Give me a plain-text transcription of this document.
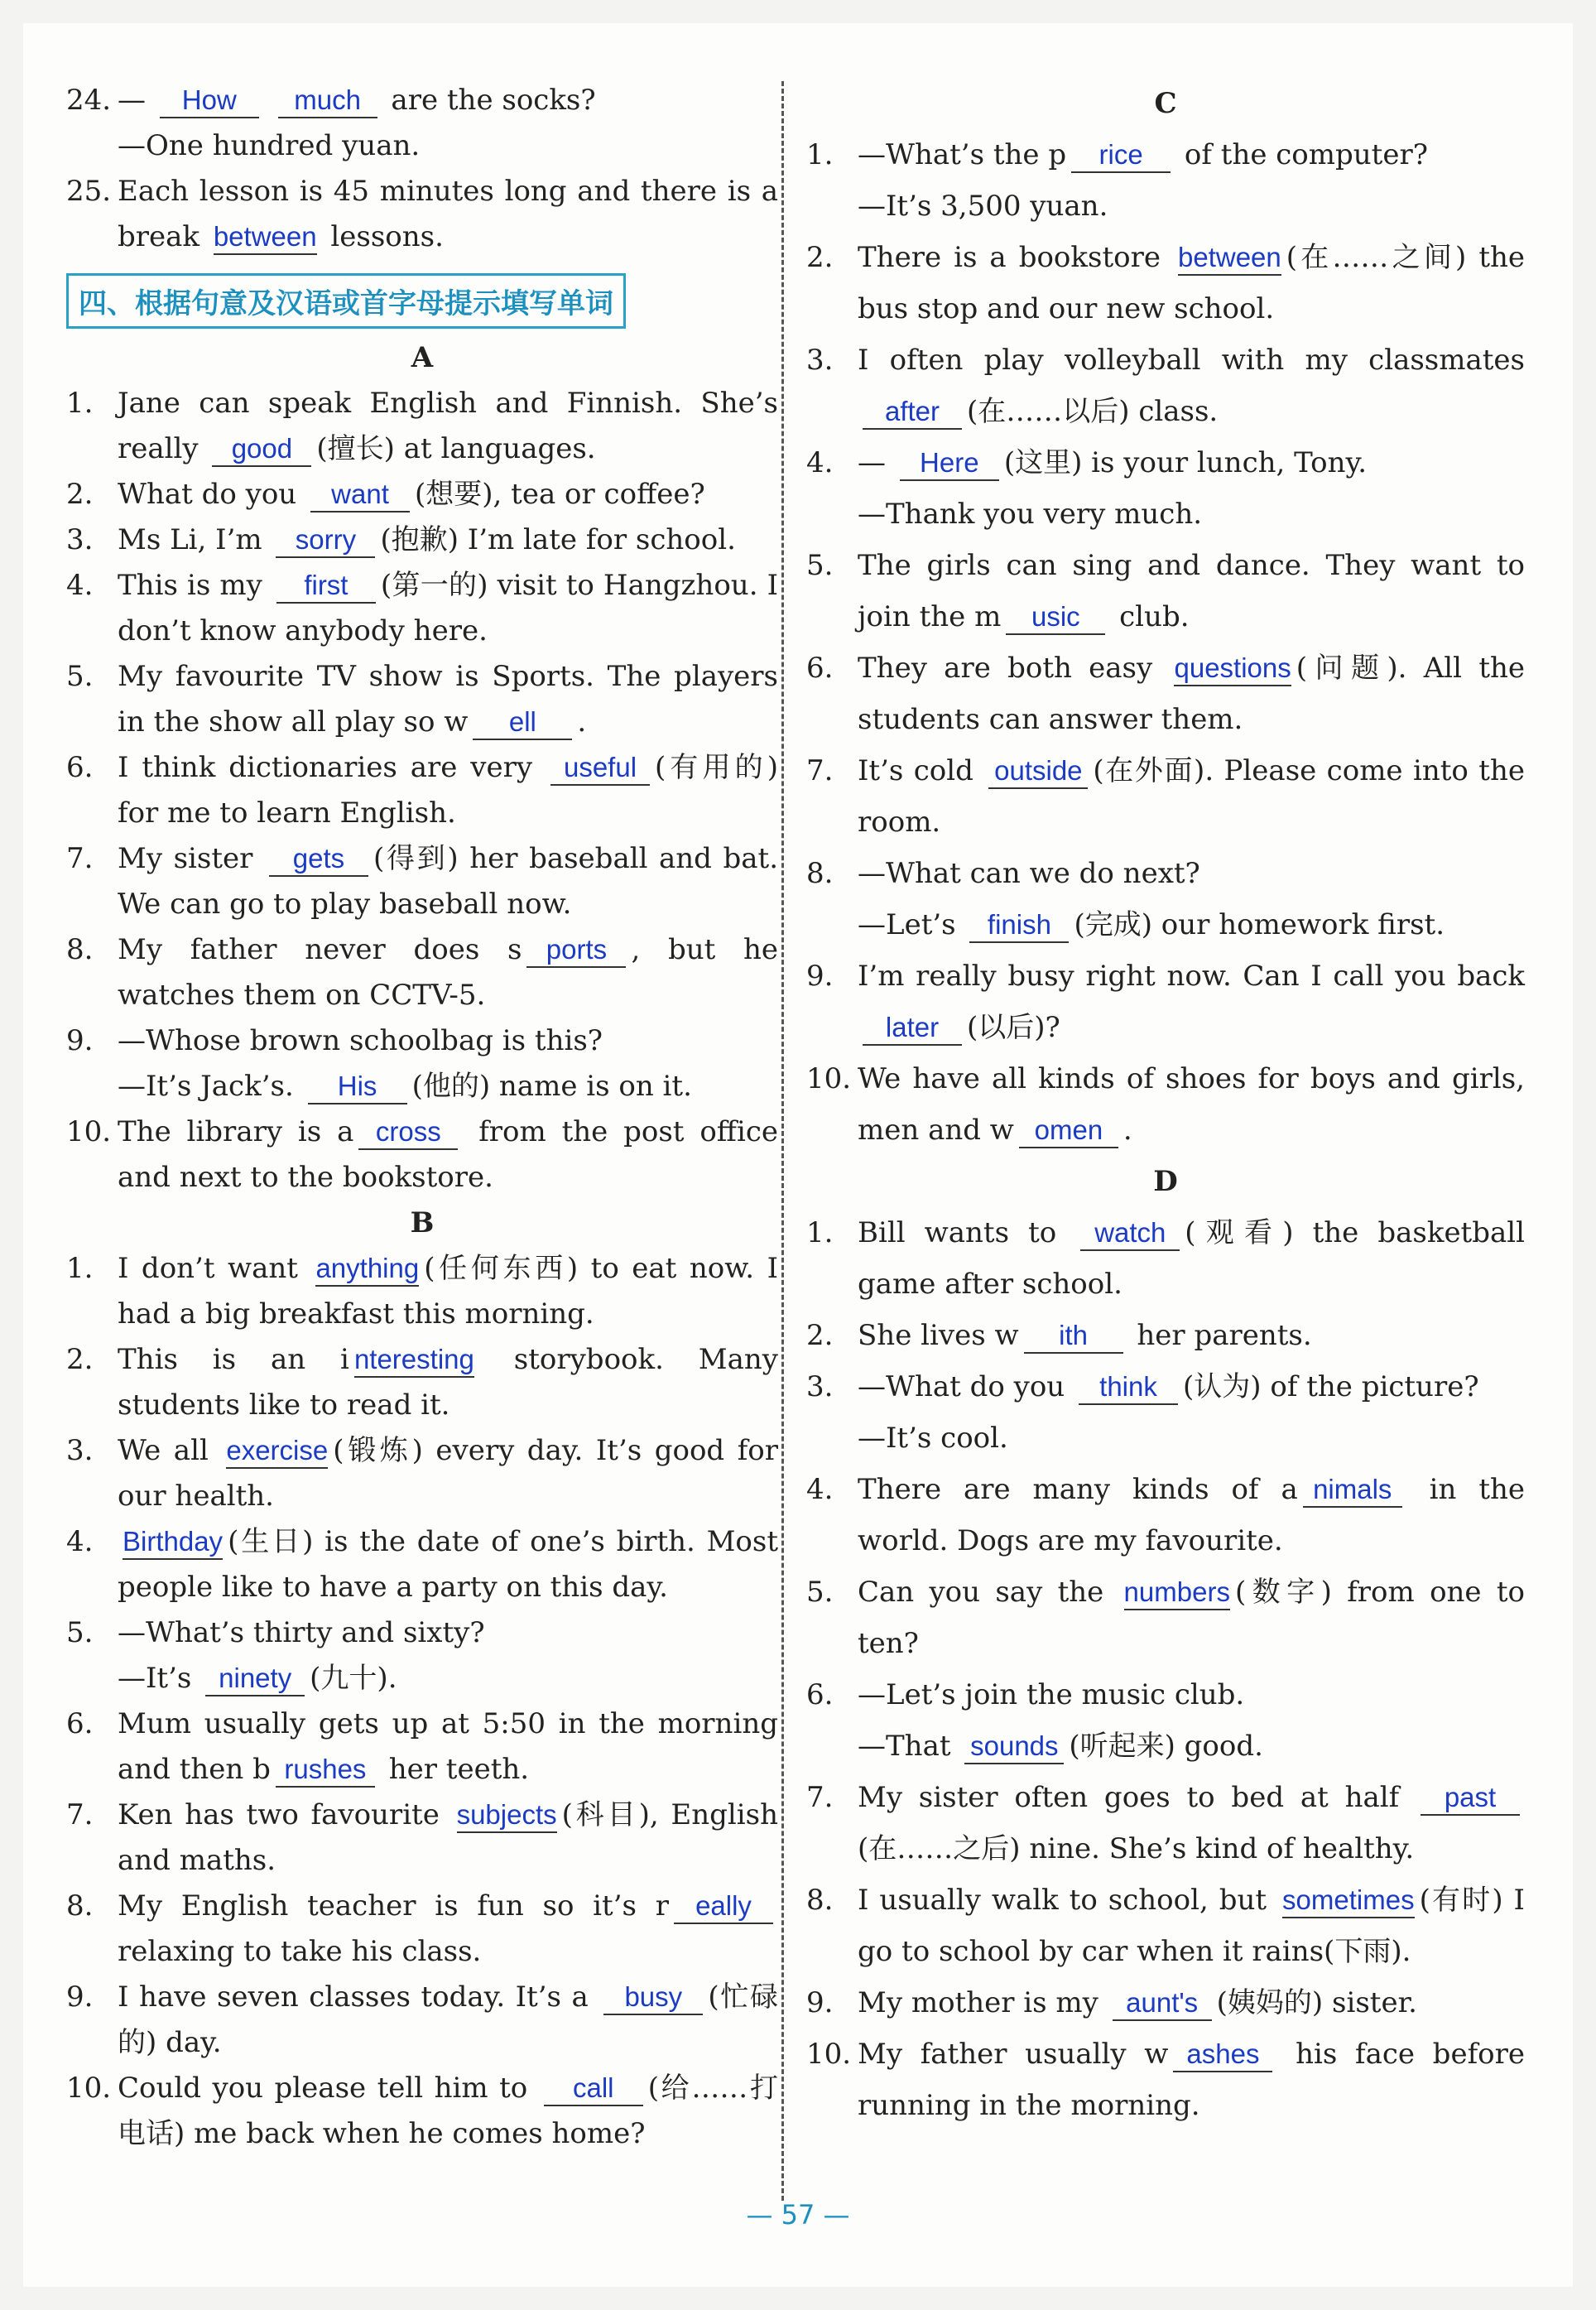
24. — How much are the socks?
—One hundred yuan.
25. Each lesson is 45 minutes long and there is a break between lessons.
四、根据句意及汉语或首字母提示填写单词
A
1. Jane can speak English and Finnish. She’s really good (擅长) at languages.
2. What do you want (想要), tea or coffee?
3. Ms Li, I’m sorry (抱歉) I’m late for school.
4. This is my first (第一的) visit to Hangzhou. I don’t know anybody here.
5. My favourite TV show is Sports. The players in the show all play so w ell .
6. I think dictionaries are very useful (有用的) for me to learn English.
7. My sister gets (得到) her baseball and bat. We can go to play baseball now.
8. My father never does s ports , but he watches them on CCTV-5.
9. —Whose brown schoolbag is this?
—It’s Jack’s. His (他的) name is on it.
10. The library is a cross from the post office and next to the bookstore.
B
1. I don’t want anything (任何东西) to eat now. I had a big breakfast this morning.
2. This is an i nteresting storybook. Many students like to read it.
3. We all exercise (锻炼) every day. It’s good for our health.
4. Birthday (生日) is the date of one’s birth. Most people like to have a party on this day.
5. —What’s thirty and sixty?
—It’s ninety (九十).
6. Mum usually gets up at 5:50 in the morning and then b rushes her teeth.
7. Ken has two favourite subjects (科目), English and maths.
8. My English teacher is fun so it’s r eally relaxing to take his class.
9. I have seven classes today. It’s a busy (忙碌的) day.
10. Could you please tell him to call (给……打电话) me back when he comes home?
C
1. —What’s the p rice of the computer?
—It’s 3,500 yuan.
2. There is a bookstore between (在……之间) the bus stop and our new school.
3. I often play volleyball with my classmates after (在……以后) class.
4. — Here (这里) is your lunch, Tony.
—Thank you very much.
5. The girls can sing and dance. They want to join the m usic club.
6. They are both easy questions (问题). All the students can answer them.
7. It’s cold outside (在外面). Please come into the room.
8. —What can we do next?
—Let’s finish (完成) our homework first.
9. I’m really busy right now. Can I call you back later (以后)?
10. We have all kinds of shoes for boys and girls, men and w omen .
D
1. Bill wants to watch (观看) the basketball game after school.
2. She lives w ith her parents.
3. —What do you think (认为) of the picture?
—It’s cool.
4. There are many kinds of a nimals in the world. Dogs are my favourite.
5. Can you say the numbers (数字) from one to ten?
6. —Let’s join the music club.
—That sounds (听起来) good.
7. My sister often goes to bed at half past(在……之后) nine. She’s kind of healthy.
8. I usually walk to school, but sometimes (有时) I go to school by car when it rains(下雨).
9. My mother is my aunt's (姨妈的) sister.
10. My father usually w ashes his face before running in the morning.
— 57 —
